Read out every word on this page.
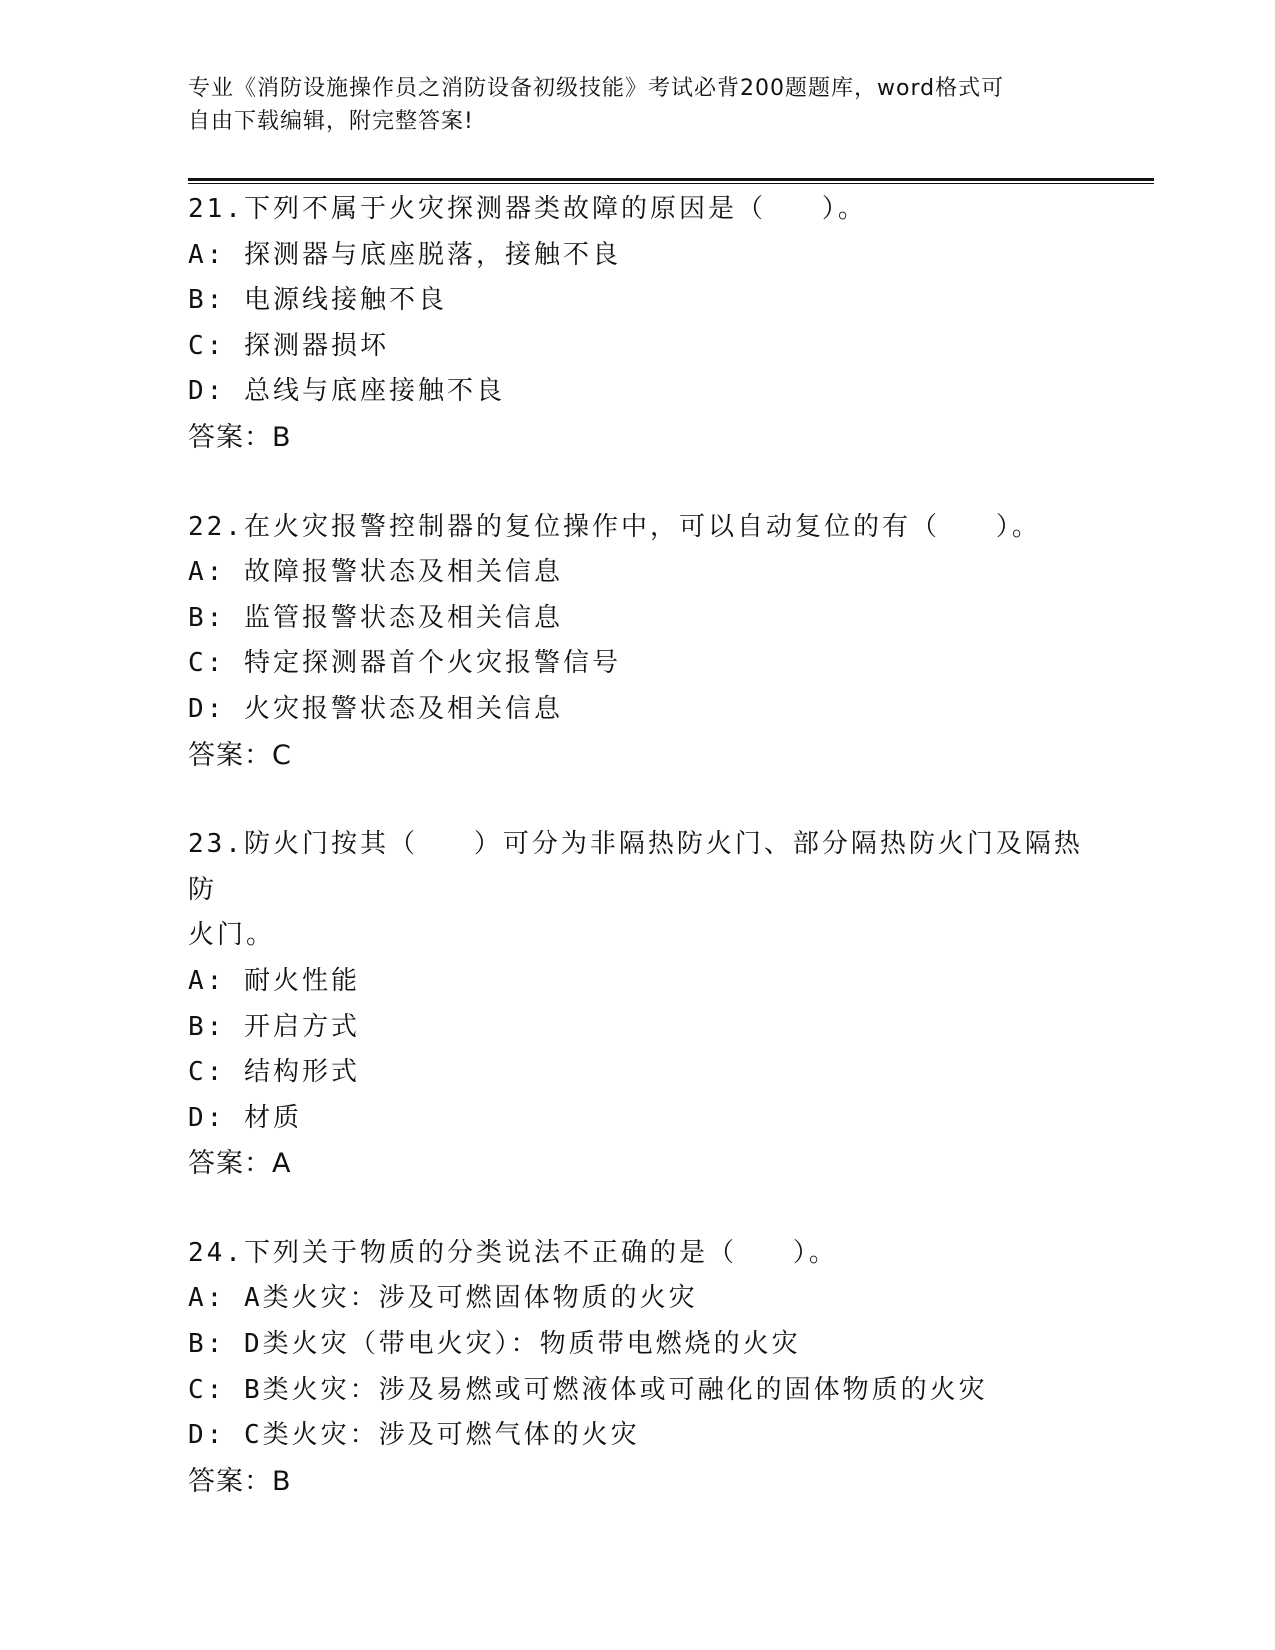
专业《消防设施操作员之消防设备初级技能》考试必背200题题库，word格式可
自由下载编辑，附完整答案!

21.下列不属于火灾探测器类故障的原因是（   ）。

A: 探测器与底座脱落，接触不良

B: 电源线接触不良

C: 探测器损坏

D: 总线与底座接触不良

答案：B

22.在火灾报警控制器的复位操作中，可以自动复位的有（   ）。

A: 故障报警状态及相关信息

B: 监管报警状态及相关信息

C: 特定探测器首个火灾报警信号

D: 火灾报警状态及相关信息

答案：C

23.防火门按其（   ）可分为非隔热防火门、部分隔热防火门及隔热防

火门。

A: 耐火性能

B: 开启方式

C: 结构形式

D: 材质

答案：A

24.下列关于物质的分类说法不正确的是（   ）。

A: A类火灾：涉及可燃固体物质的火灾

B: D类火灾（带电火灾）：物质带电燃烧的火灾

C: B类火灾：涉及易燃或可燃液体或可融化的固体物质的火灾

D: C类火灾：涉及可燃气体的火灾

答案：B
